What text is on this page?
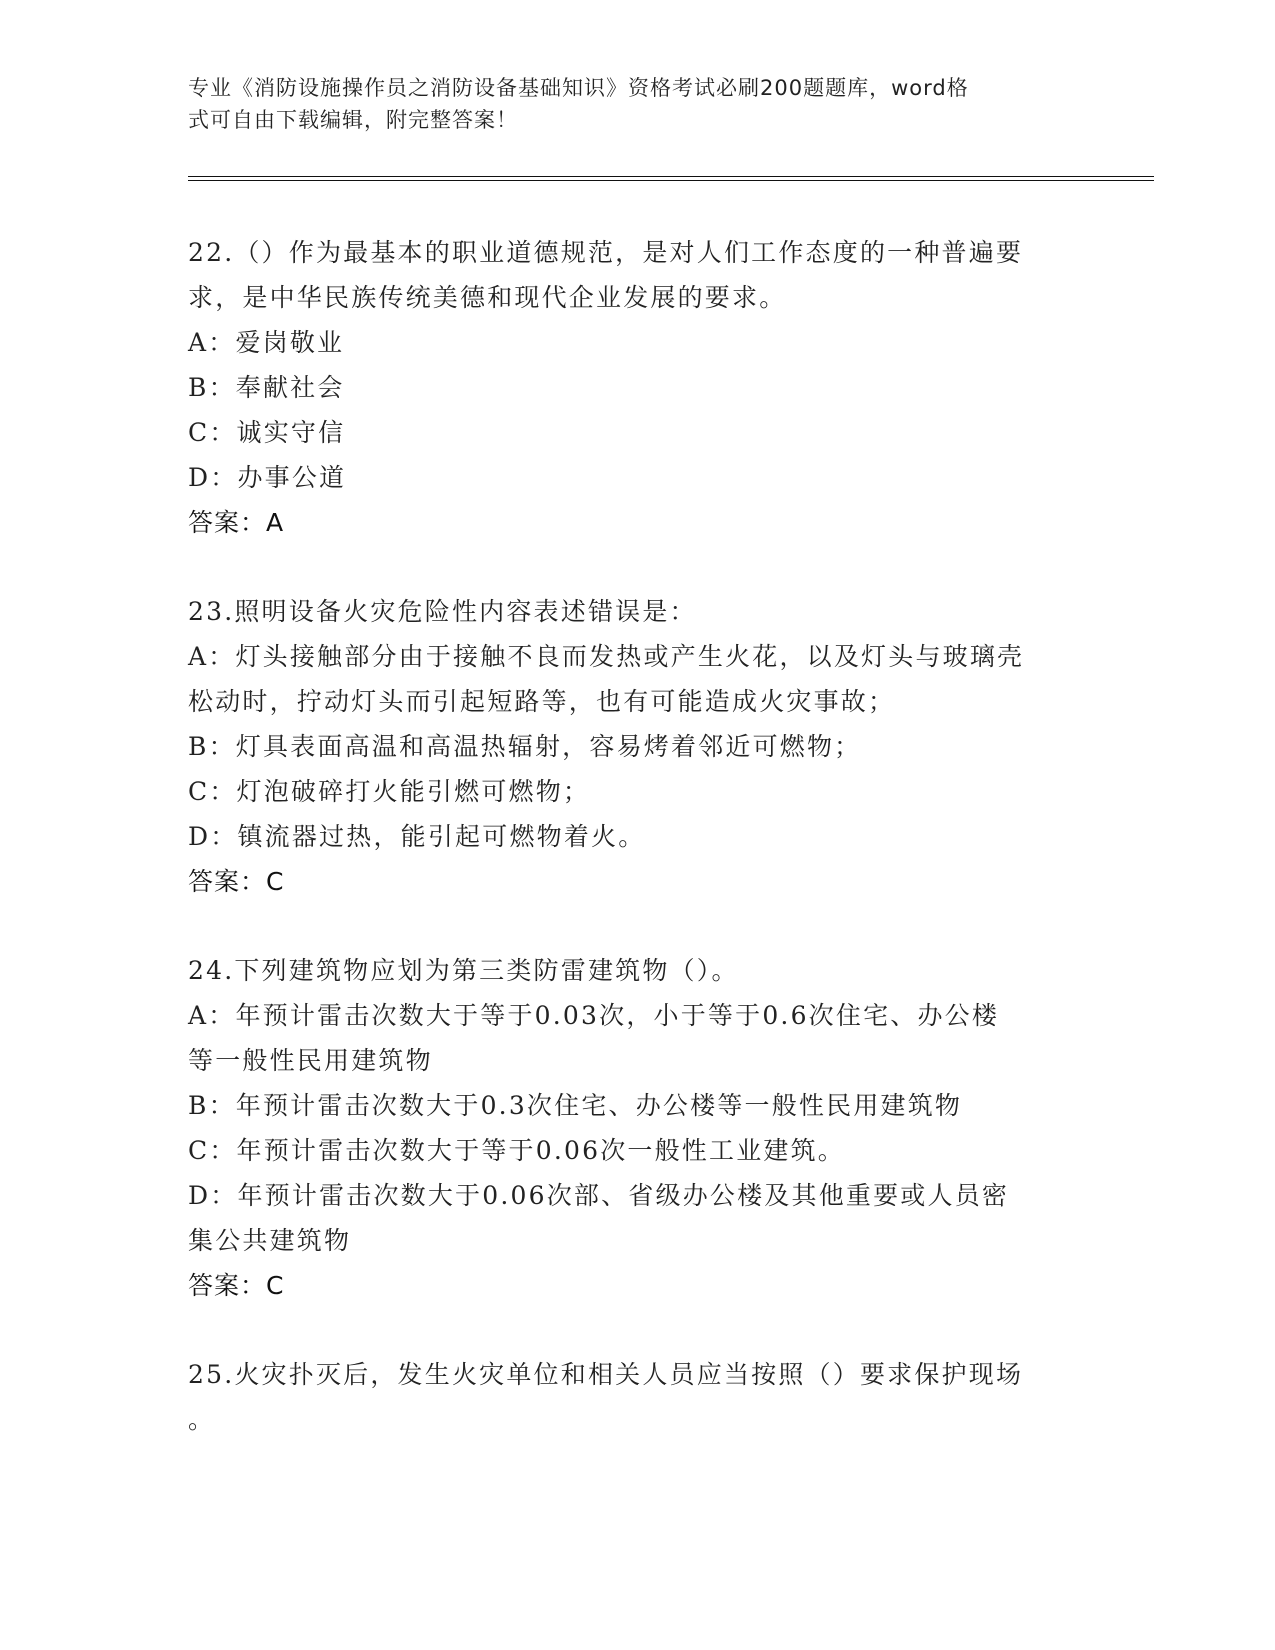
专业《消防设施操作员之消防设备基础知识》资格考试必刷200题题库，word格
式可自由下载编辑，附完整答案！

22.（）作为最基本的职业道德规范，是对人们工作态度的一种普遍要

求，是中华民族传统美德和现代企业发展的要求。

A：爱岗敬业

B：奉献社会

C：诚实守信

D：办事公道

答案：A

23.照明设备火灾危险性内容表述错误是：

A：灯头接触部分由于接触不良而发热或产生火花，以及灯头与玻璃壳

松动时，拧动灯头而引起短路等，也有可能造成火灾事故；

B：灯具表面高温和高温热辐射，容易烤着邻近可燃物；

C：灯泡破碎打火能引燃可燃物；

D：镇流器过热，能引起可燃物着火。

答案：C

24.下列建筑物应划为第三类防雷建筑物（）。

A：年预计雷击次数大于等于0.03次，小于等于0.6次住宅、办公楼

等一般性民用建筑物

B：年预计雷击次数大于0.3次住宅、办公楼等一般性民用建筑物

C：年预计雷击次数大于等于0.06次一般性工业建筑。

D：年预计雷击次数大于0.06次部、省级办公楼及其他重要或人员密

集公共建筑物

答案：C

25.火灾扑灭后，发生火灾单位和相关人员应当按照（）要求保护现场

。
